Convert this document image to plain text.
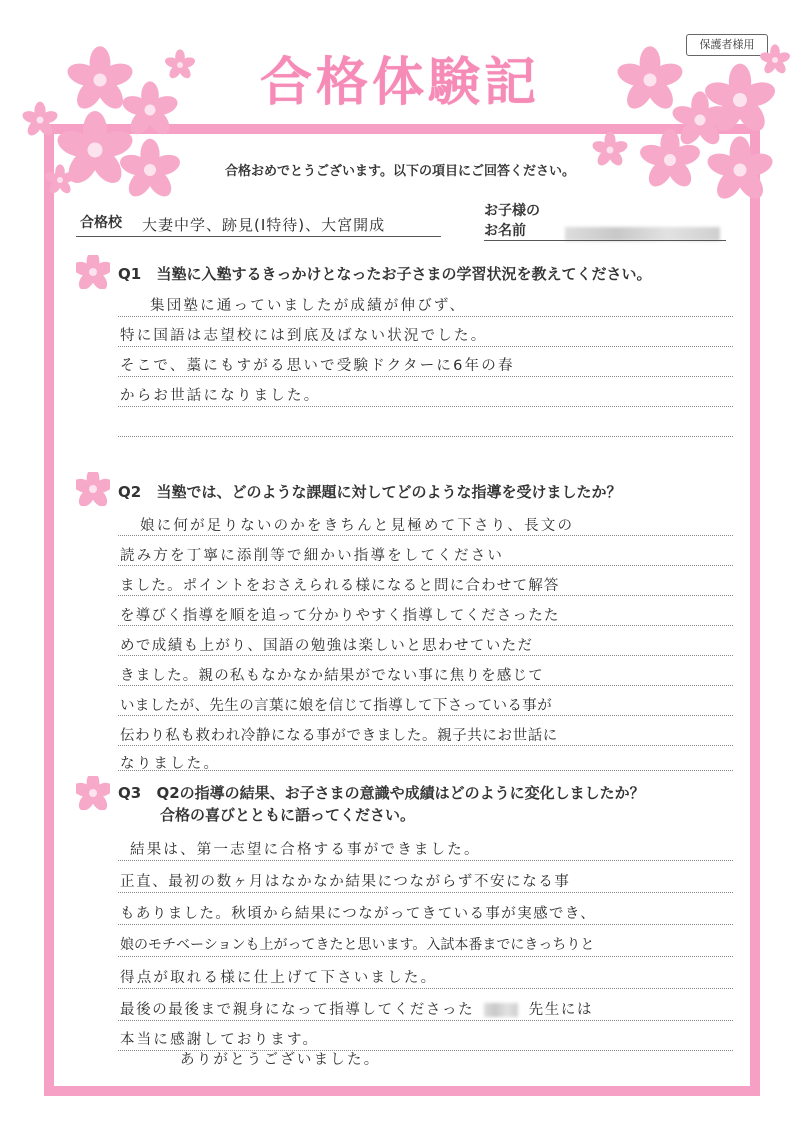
保護者様用
合格体験記
合格おめでとうございます。以下の項目にご回答ください。
合格校 大妻中学、跡見(Ⅰ特待)、大宮開成
お子様の
お名前
Q1 当塾に入塾するきっかけとなったお子さまの学習状況を教えてください。
集団塾に通っていましたが成績が伸びず、
特に国語は志望校には到底及ばない状況でした。
そこで、藁にもすがる思いで受験ドクターに6年の春
からお世話になりました。
Q2 当塾では、どのような課題に対してどのような指導を受けましたか？
娘に何が足りないのかをきちんと見極めて下さり、長文の
読み方を丁寧に添削等で細かい指導をしてください
ました。ポイントをおさえられる様になると問に合わせて解答
を導びく指導を順を追って分かりやすく指導してくださったた
めで成績も上がり、国語の勉強は楽しいと思わせていただ
きました。親の私もなかなか結果がでない事に焦りを感じて
いましたが、先生の言葉に娘を信じて指導して下さっている事が
伝わり私も救われ冷静になる事ができました。親子共にお世話に
なりました。
Q3 Q2の指導の結果、お子さまの意識や成績はどのように変化しましたか？
合格の喜びとともに語ってください。
結果は、第一志望に合格する事ができました。
正直、最初の数ヶ月はなかなか結果につながらず不安になる事
もありました。秋頃から結果につながってきている事が実感でき、
娘のモチベーションも上がってきたと思います。入試本番までにきっちりと
得点が取れる様に仕上げて下さいました。
最後の最後まで親身になって指導してくださった	先生には
本当に感謝しております。
ありがとうございました。
